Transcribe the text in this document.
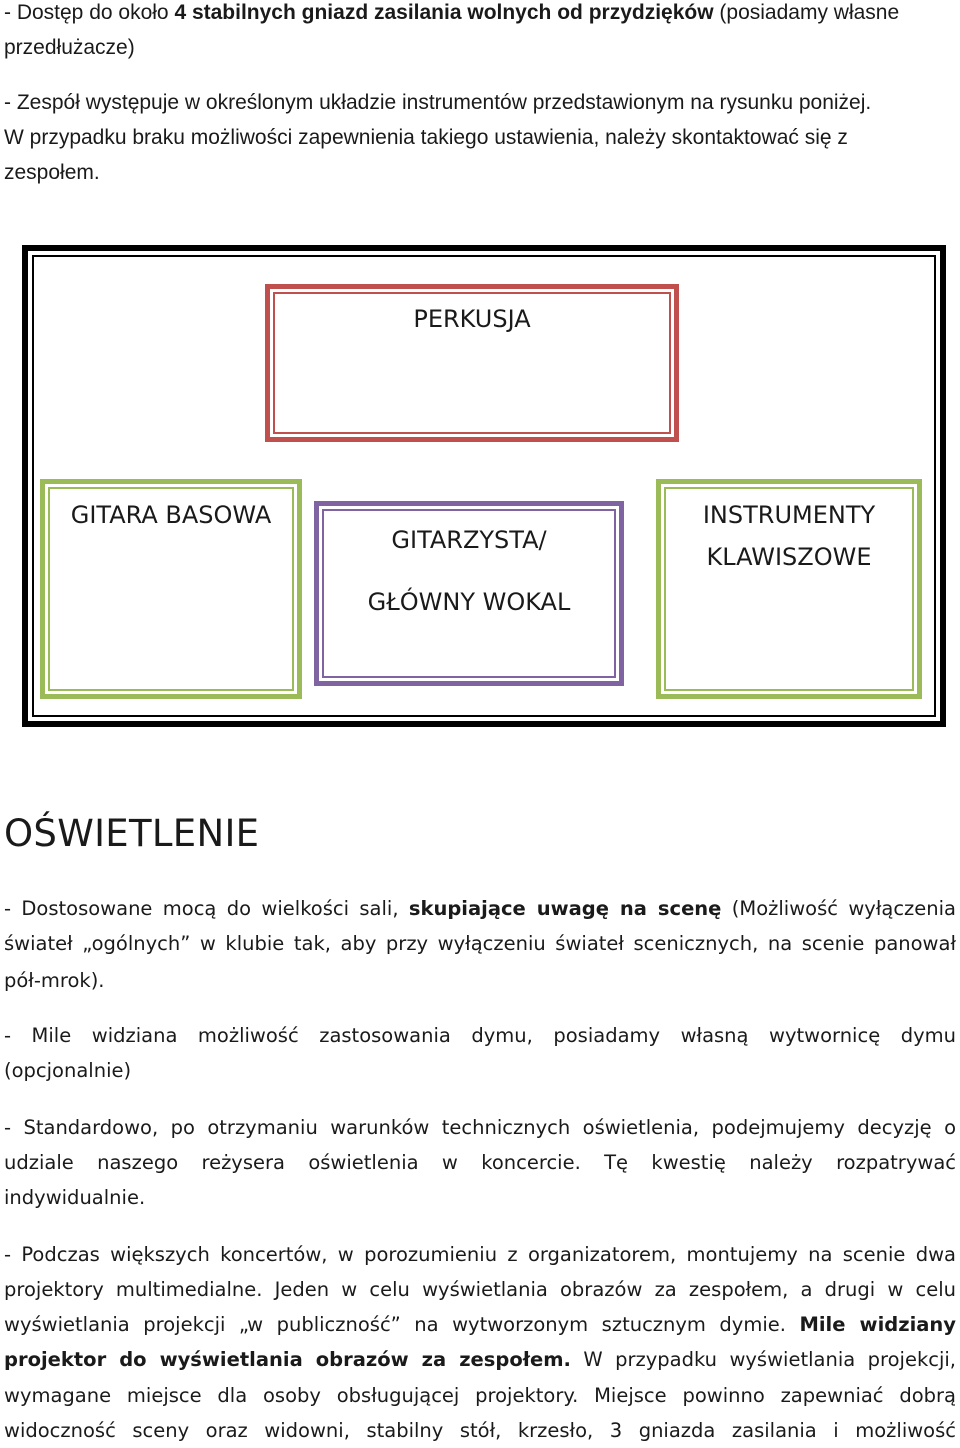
- Dostęp do około 4 stabilnych gniazd zasilania wolnych od przydzięków (posiadamy własne
przedłużacze)
- Zespół występuje w określonym układzie instrumentów przedstawionym na rysunku poniżej.
W przypadku braku możliwości zapewnienia takiego ustawienia, należy skontaktować się z
zespołem.
PERKUSJA
GITARA BASOWA
GITARZYSTA/
GŁÓWNY WOKAL
INSTRUMENTY
KLAWISZOWE
OŚWIETLENIE
- Dostosowane mocą do wielkości sali, skupiające uwagę na scenę (Możliwość wyłączenia
świateł „ogólnych” w klubie tak, aby przy wyłączeniu świateł scenicznych, na scenie panował
pół-mrok).
- Mile widziana możliwość zastosowania dymu, posiadamy własną wytwornicę dymu
(opcjonalnie)
- Standardowo, po otrzymaniu warunków technicznych oświetlenia, podejmujemy decyzję o
udziale naszego reżysera oświetlenia w koncercie. Tę kwestię należy rozpatrywać
indywidualnie.
- Podczas większych koncertów, w porozumieniu z organizatorem, montujemy na scenie dwa
projektory multimedialne. Jeden w celu wyświetlania obrazów za zespołem, a drugi w celu
wyświetlania projekcji „w publiczność” na wytworzonym sztucznym dymie. Mile widziany
projektor do wyświetlania obrazów za zespołem. W przypadku wyświetlania projekcji,
wymagane miejsce dla osoby obsługującej projektory. Miejsce powinno zapewniać dobrą
widoczność sceny oraz widowni, stabilny stół, krzesło, 3 gniazda zasilania i możliwość
